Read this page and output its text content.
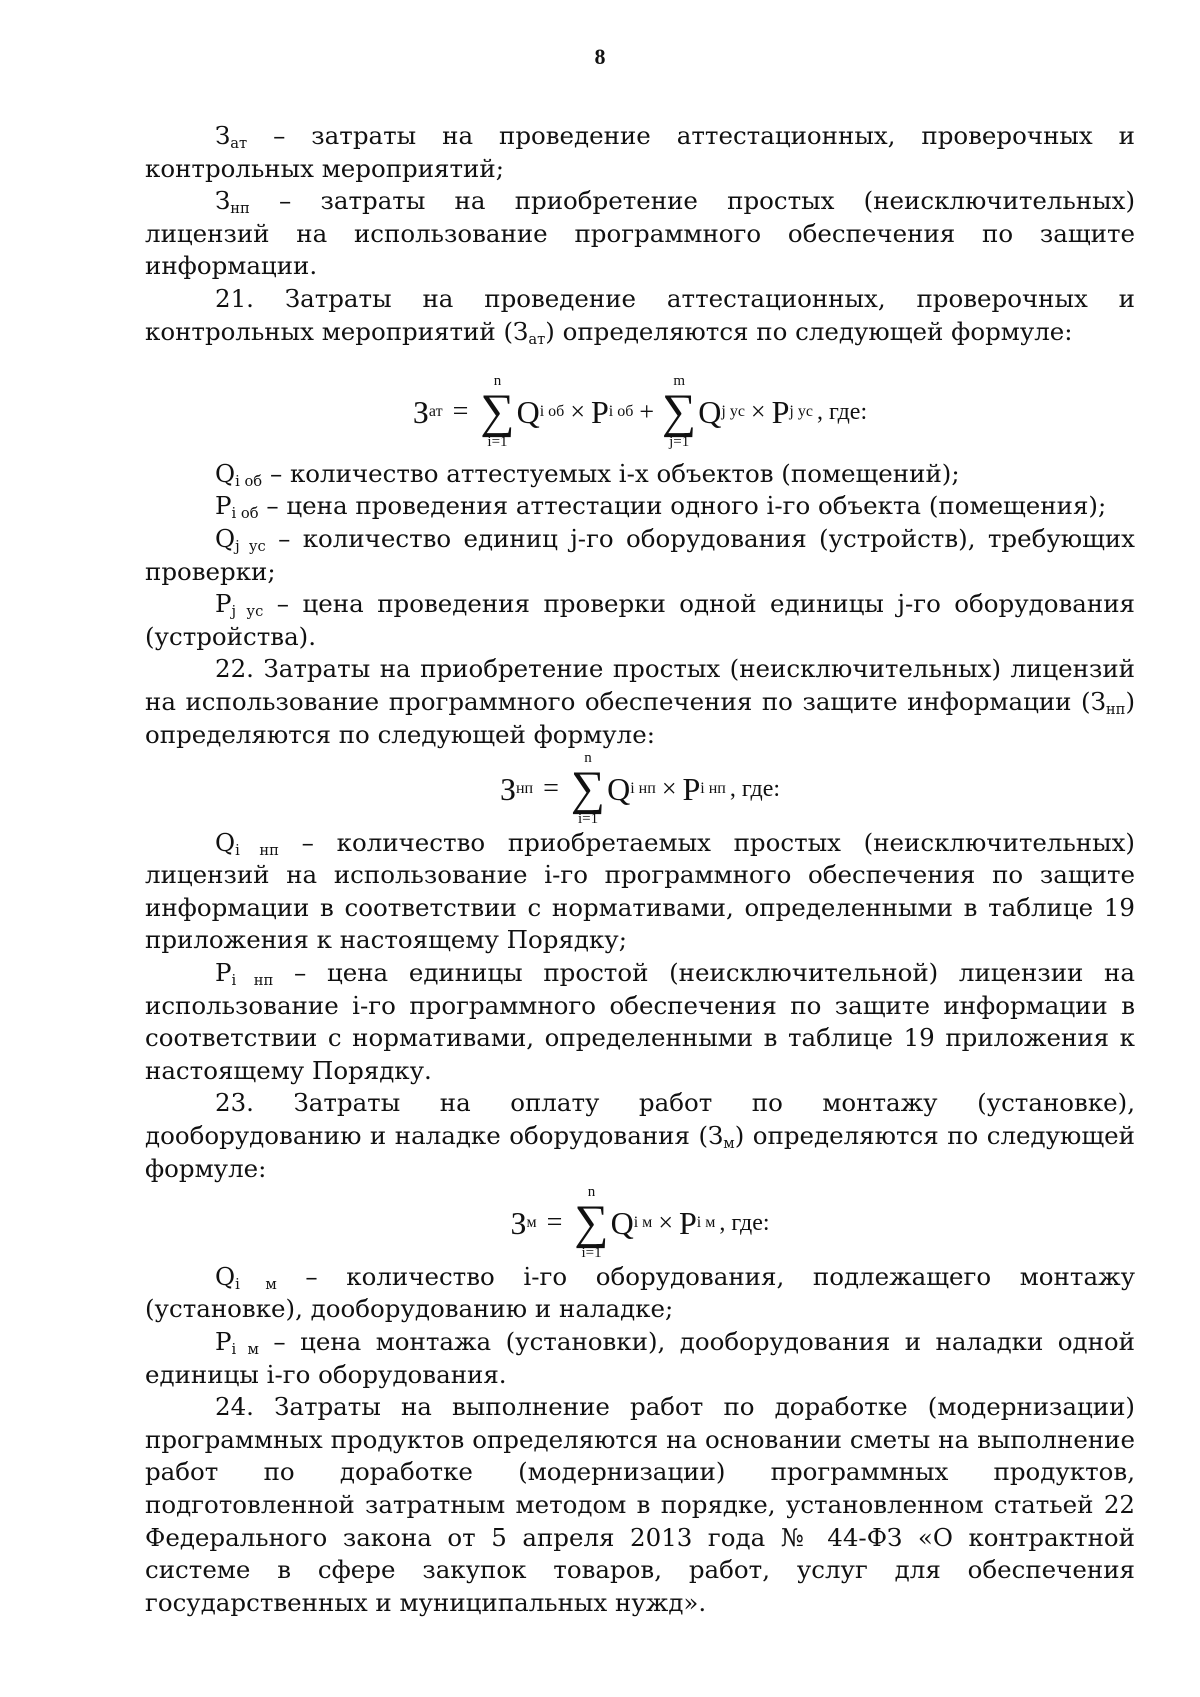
8

$З_{ат}$ – затраты на проведение аттестационных, проверочных и контрольных мероприятий;

$З_{нп}$ – затраты на приобретение простых (неисключительных) лицензий на использование программного обеспечения по защите информации.

21. Затраты на проведение аттестационных, проверочных и контрольных мероприятий $(З_{ат})$ определяются по следующей формуле:

З ат =
n
∑
i=1
Q i об × P i об +
m
∑
j=1
Q j ус × P j ус , где:

$Q_{i об}$ – количество аттестуемых i-х объектов (помещений);

$P_{i об}$ – цена проведения аттестации одного i-го объекта (помещения);

$Q_{j ус}$ – количество единиц j-го оборудования (устройств), требующих проверки;

$P_{j ус}$ – цена проведения проверки одной единицы j-го оборудования (устройства).

22. Затраты на приобретение простых (неисключительных) лицензий на использование программного обеспечения по защите информации $(З_{нп})$ определяются по следующей формуле:

З нп =
n
∑
i=1
Q i нп × P i нп , где:

$Q_{i нп}$ – количество приобретаемых простых (неисключительных) лицензий на использование i-го программного обеспечения по защите информации в соответствии с нормативами, определенными в таблице 19 приложения к настоящему Порядку;

$P_{i нп}$ – цена единицы простой (неисключительной) лицензии на использование i-го программного обеспечения по защите информации в соответствии с нормативами, определенными в таблице 19 приложения к настоящему Порядку.

23. Затраты на оплату работ по монтажу (установке), дооборудованию и наладке оборудования $(З_м)$ определяются по следующей формуле:

З м =
n
∑
i=1
Q i м × P i м , где:

$Q_{i м}$ – количество i-го оборудования, подлежащего монтажу (установке), дооборудованию и наладке;

$P_{i м}$ – цена монтажа (установки), дооборудования и наладки одной единицы i-го оборудования.

24. Затраты на выполнение работ по доработке (модернизации) программных продуктов определяются на основании сметы на выполнение работ по доработке (модернизации) программных продуктов, подготовленной затратным методом в порядке, установленном статьей 22 Федерального закона от 5 апреля 2013 года № 44-ФЗ «О контрактной системе в сфере закупок товаров, работ, услуг для обеспечения государственных и муниципальных нужд».
